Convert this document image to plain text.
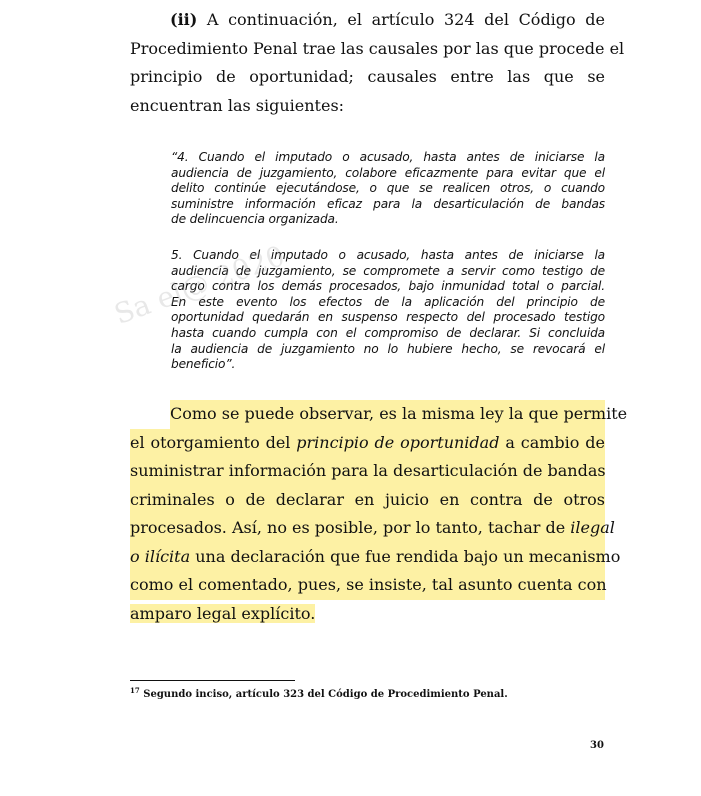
(ii) A continuación, el artículo 324 del Código de
Procedimiento Penal trae las causales por las que procede el
principio de oportunidad; causales entre las que se
encuentran las siguientes:
“4. Cuando el imputado o acusado, hasta antes de iniciarse la
audiencia de juzgamiento, colabore eficazmente para evitar que el
delito continúe ejecutándose, o que se realicen otros, o cuando
suministre información eficaz para la desarticulación de bandas
de delincuencia organizada.
5. Cuando el imputado o acusado, hasta antes de iniciarse la
audiencia de juzgamiento, se compromete a servir como testigo de
cargo contra los demás procesados, bajo inmunidad total o parcial.
En este evento los efectos de la aplicación del principio de
oportunidad quedarán en suspenso respecto del procesado testigo
hasta cuando cumpla con el compromiso de declarar. Si concluida
la audiencia de juzgamiento no lo hubiere hecho, se revocará el
beneficio”.
Sa el@ 2020
Como se puede observar, es la misma ley la que permite
el otorgamiento del principio de oportunidad a cambio de
suministrar información para la desarticulación de bandas
criminales o de declarar en juicio en contra de otros
procesados. Así, no es posible, por lo tanto, tachar de ilegal
o ilícita una declaración que fue rendida bajo un mecanismo
como el comentado, pues, se insiste, tal asunto cuenta con
amparo legal explícito.
$^{17}$ Segundo inciso, artículo 323 del Código de Procedimiento Penal.
30
